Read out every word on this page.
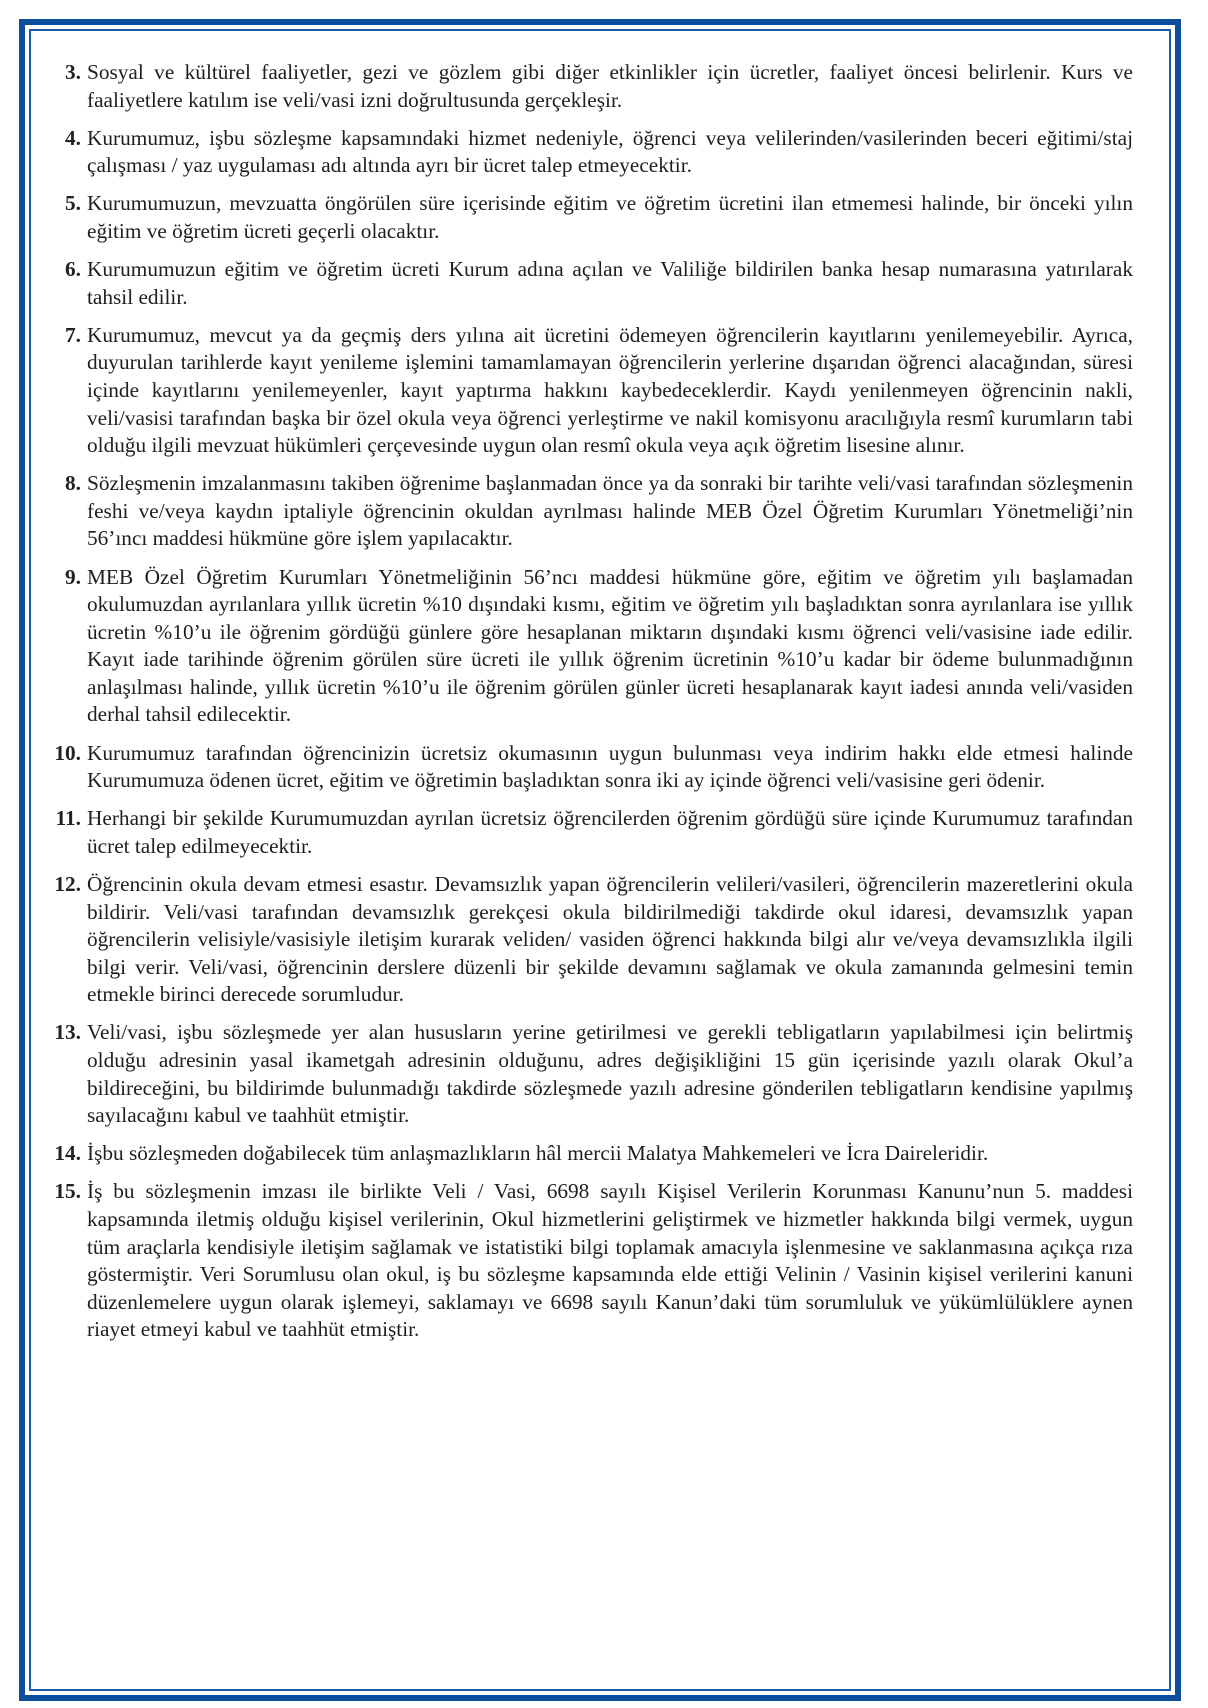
3. Sosyal ve kültürel faaliyetler, gezi ve gözlem gibi diğer etkinlikler için ücretler, faaliyet öncesi belirlenir. Kurs ve faaliyetlere katılım ise veli/vasi izni doğrultusunda gerçekleşir.
4. Kurumumuz, işbu sözleşme kapsamındaki hizmet nedeniyle, öğrenci veya velilerinden/vasilerinden beceri eğitimi/staj çalışması / yaz uygulaması adı altında ayrı bir ücret talep etmeyecektir.
5. Kurumumuzun, mevzuatta öngörülen süre içerisinde eğitim ve öğretim ücretini ilan etmemesi halinde, bir önceki yılın eğitim ve öğretim ücreti geçerli olacaktır.
6. Kurumumuzun eğitim ve öğretim ücreti Kurum adına açılan ve Valiliğe bildirilen banka hesap numarasına yatırılarak tahsil edilir.
7. Kurumumuz, mevcut ya da geçmiş ders yılına ait ücretini ödemeyen öğrencilerin kayıtlarını yenilemeyebilir. Ayrıca, duyurulan tarihlerde kayıt yenileme işlemini tamamlamayan öğrencilerin yerlerine dışarıdan öğrenci alacağından, süresi içinde kayıtlarını yenilemeyenler, kayıt yaptırma hakkını kaybedeceklerdir. Kaydı yenilenmeyen öğrencinin nakli, veli/vasisi tarafından başka bir özel okula veya öğrenci yerleştirme ve nakil komisyonu aracılığıyla resmî kurumların tabi olduğu ilgili mevzuat hükümleri çerçevesinde uygun olan resmî okula veya açık öğretim lisesine alınır.
8. Sözleşmenin imzalanmasını takiben öğrenime başlanmadan önce ya da sonraki bir tarihte veli/vasi tarafından sözleşmenin feshi ve/veya kaydın iptaliyle öğrencinin okuldan ayrılması halinde MEB Özel Öğretim Kurumları Yönetmeliği’nin 56’ıncı maddesi hükmüne göre işlem yapılacaktır.
9. MEB Özel Öğretim Kurumları Yönetmeliğinin 56’ncı maddesi hükmüne göre, eğitim ve öğretim yılı başlamadan okulumuzdan ayrılanlara yıllık ücretin %10 dışındaki kısmı, eğitim ve öğretim yılı başladıktan sonra ayrılanlara ise yıllık ücretin %10’u ile öğrenim gördüğü günlere göre hesaplanan miktarın dışındaki kısmı öğrenci veli/vasisine iade edilir. Kayıt iade tarihinde öğrenim görülen süre ücreti ile yıllık öğrenim ücretinin %10’u kadar bir ödeme bulunmadığının anlaşılması halinde, yıllık ücretin %10’u ile öğrenim görülen günler ücreti hesaplanarak kayıt iadesi anında veli/vasiden derhal tahsil edilecektir.
10. Kurumumuz tarafından öğrencinizin ücretsiz okumasının uygun bulunması veya indirim hakkı elde etmesi halinde Kurumumuza ödenen ücret, eğitim ve öğretimin başladıktan sonra iki ay içinde öğrenci veli/vasisine geri ödenir.
11. Herhangi bir şekilde Kurumumuzdan ayrılan ücretsiz öğrencilerden öğrenim gördüğü süre içinde Kurumumuz tarafından ücret talep edilmeyecektir.
12. Öğrencinin okula devam etmesi esastır. Devamsızlık yapan öğrencilerin velileri/vasileri, öğrencilerin mazeretlerini okula bildirir. Veli/vasi tarafından devamsızlık gerekçesi okula bildirilmediği takdirde okul idaresi, devamsızlık yapan öğrencilerin velisiyle/vasisiyle iletişim kurarak veliden/ vasiden öğrenci hakkında bilgi alır ve/veya devamsızlıkla ilgili bilgi verir. Veli/vasi, öğrencinin derslere düzenli bir şekilde devamını sağlamak ve okula zamanında gelmesini temin etmekle birinci derecede sorumludur.
13. Veli/vasi, işbu sözleşmede yer alan hususların yerine getirilmesi ve gerekli tebligatların yapılabilmesi için belirtmiş olduğu adresinin yasal ikametgah adresinin olduğunu, adres değişikliğini 15 gün içerisinde yazılı olarak Okul’a bildireceğini, bu bildirimde bulunmadığı takdirde sözleşmede yazılı adresine gönderilen tebligatların kendisine yapılmış sayılacağını kabul ve taahhüt etmiştir.
14. İşbu sözleşmeden doğabilecek tüm anlaşmazlıkların hâl mercii Malatya Mahkemeleri ve İcra Daireleridir.
15. İş bu sözleşmenin imzası ile birlikte Veli / Vasi, 6698 sayılı Kişisel Verilerin Korunması Kanunu’nun 5. maddesi kapsamında iletmiş olduğu kişisel verilerinin, Okul hizmetlerini geliştirmek ve hizmetler hakkında bilgi vermek, uygun tüm araçlarla kendisiyle iletişim sağlamak ve istatistiki bilgi toplamak amacıyla işlenmesine ve saklanmasına açıkça rıza göstermiştir. Veri Sorumlusu olan okul, iş bu sözleşme kapsamında elde ettiği Velinin / Vasinin kişisel verilerini kanuni düzenlemelere uygun olarak işlemeyi, saklamayı ve 6698 sayılı Kanun’daki tüm sorumluluk ve yükümlülüklere aynen riayet etmeyi kabul ve taahhüt etmiştir.
